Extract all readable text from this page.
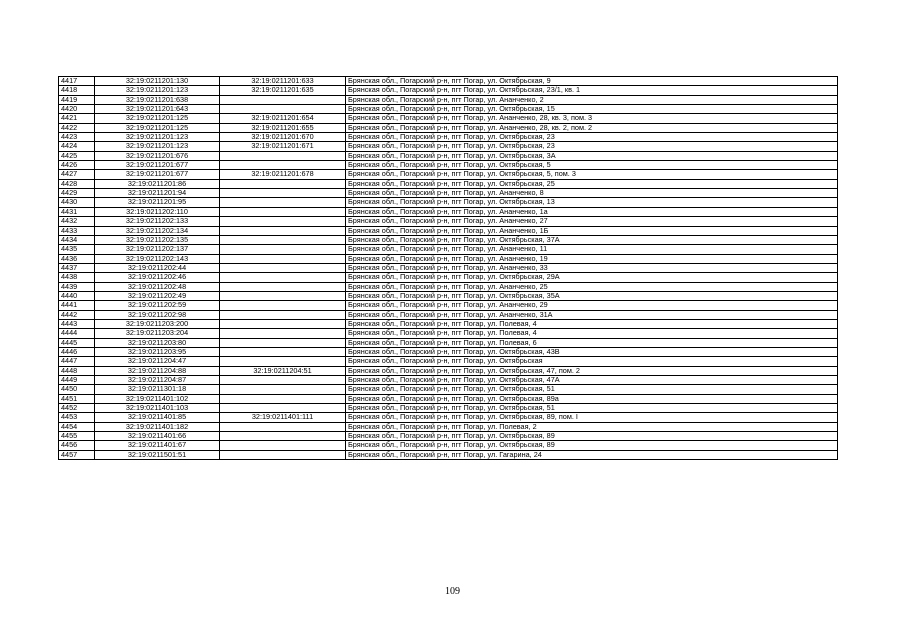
4417	32:19:0211201:130	32:19:0211201:633	Брянская обл., Погарский р-н, пгт Погар, ул. Октябрьская, 9
4418	32:19:0211201:123	32:19:0211201:635	Брянская обл., Погарский р-н, пгт Погар, ул. Октябрьская, 23/1, кв. 1
4419	32:19:0211201:638		Брянская обл., Погарский р-н, пгт Погар, ул. Ананченко, 2
4420	32:19:0211201:643		Брянская обл., Погарский р-н, пгт Погар, ул. Октябрьская, 15
4421	32:19:0211201:125	32:19:0211201:654	Брянская обл., Погарский р-н, пгт Погар, ул. Ананченко, 28, кв. 3, пом. 3
4422	32:19:0211201:125	32:19:0211201:655	Брянская обл., Погарский р-н, пгт Погар, ул. Ананченко, 28, кв. 2, пом. 2
4423	32:19:0211201:123	32:19:0211201:670	Брянская обл., Погарский р-н, пгт Погар, ул. Октябрьская, 23
4424	32:19:0211201:123	32:19:0211201:671	Брянская обл., Погарский р-н, пгт Погар, ул. Октябрьская, 23
4425	32:19:0211201:676		Брянская обл., Погарский р-н, пгт Погар, ул. Октябрьская, 3А
4426	32:19:0211201:677		Брянская обл., Погарский р-н, пгт Погар, ул. Октябрьская, 5
4427	32:19:0211201:677	32:19:0211201:678	Брянская обл., Погарский р-н, пгт Погар, ул. Октябрьская, 5, пом. 3
4428	32:19:0211201:86		Брянская обл., Погарский р-н, пгт Погар, ул. Октябрьская, 25
4429	32:19:0211201:94		Брянская обл., Погарский р-н, пгт Погар, ул. Ананченко, 8
4430	32:19:0211201:95		Брянская обл., Погарский р-н, пгт Погар, ул. Октябрьская, 13
4431	32:19:0211202:110		Брянская обл., Погарский р-н, пгт Погар, ул. Ананченко, 1а
4432	32:19:0211202:133		Брянская обл., Погарский р-н, пгт Погар, ул. Ананченко, 27
4433	32:19:0211202:134		Брянская обл., Погарский р-н, пгт Погар, ул. Ананченко, 1Б
4434	32:19:0211202:135		Брянская обл., Погарский р-н, пгт Погар, ул. Октябрьская, 37А
4435	32:19:0211202:137		Брянская обл., Погарский р-н, пгт Погар, ул. Ананченко, 11
4436	32:19:0211202:143		Брянская обл., Погарский р-н, пгт Погар, ул. Ананченко, 19
4437	32:19:0211202:44		Брянская обл., Погарский р-н, пгт Погар, ул. Ананченко, 33
4438	32:19:0211202:46		Брянская обл., Погарский р-н, пгт Погар, ул. Октябрьская, 29А
4439	32:19:0211202:48		Брянская обл., Погарский р-н, пгт Погар, ул. Ананченко, 25
4440	32:19:0211202:49		Брянская обл., Погарский р-н, пгт Погар, ул. Октябрьская, 35А
4441	32:19:0211202:59		Брянская обл., Погарский р-н, пгт Погар, ул. Ананченко, 29
4442	32:19:0211202:98		Брянская обл., Погарский р-н, пгт Погар, ул. Ананченко, 31А
4443	32:19:0211203:200		Брянская обл., Погарский р-н, пгт Погар, ул. Полевая, 4
4444	32:19:0211203:204		Брянская обл., Погарский р-н, пгт Погар, ул. Полевая, 4
4445	32:19:0211203:80		Брянская обл., Погарский р-н, пгт Погар, ул. Полевая, 6
4446	32:19:0211203:95		Брянская обл., Погарский р-н, пгт Погар, ул. Октябрьская, 43В
4447	32:19:0211204:47		Брянская обл., Погарский р-н, пгт Погар, ул. Октябрьская
4448	32:19:0211204:88	32:19:0211204:51	Брянская обл., Погарский р-н, пгт Погар, ул. Октябрьская, 47, пом. 2
4449	32:19:0211204:87		Брянская обл., Погарский р-н, пгт Погар, ул. Октябрьская, 47А
4450	32:19:0211301:18		Брянская обл., Погарский р-н, пгт Погар, ул. Октябрьская, 51
4451	32:19:0211401:102		Брянская обл., Погарский р-н, пгт Погар, ул. Октябрьская, 89а
4452	32:19:0211401:103		Брянская обл., Погарский р-н, пгт Погар, ул. Октябрьская, 51
4453	32:19:0211401:85	32:19:0211401:111	Брянская обл., Погарский р-н, пгт Погар, ул. Октябрьская, 89, пом. I
4454	32:19:0211401:182		Брянская обл., Погарский р-н, пгт Погар, ул. Полевая, 2
4455	32:19:0211401:66		Брянская обл., Погарский р-н, пгт Погар, ул. Октябрьская, 89
4456	32:19:0211401:67		Брянская обл., Погарский р-н, пгт Погар, ул. Октябрьская, 89
4457	32:19:0211501:51		Брянская обл., Погарский р-н, пгт Погар, ул. Гагарина, 24
109
